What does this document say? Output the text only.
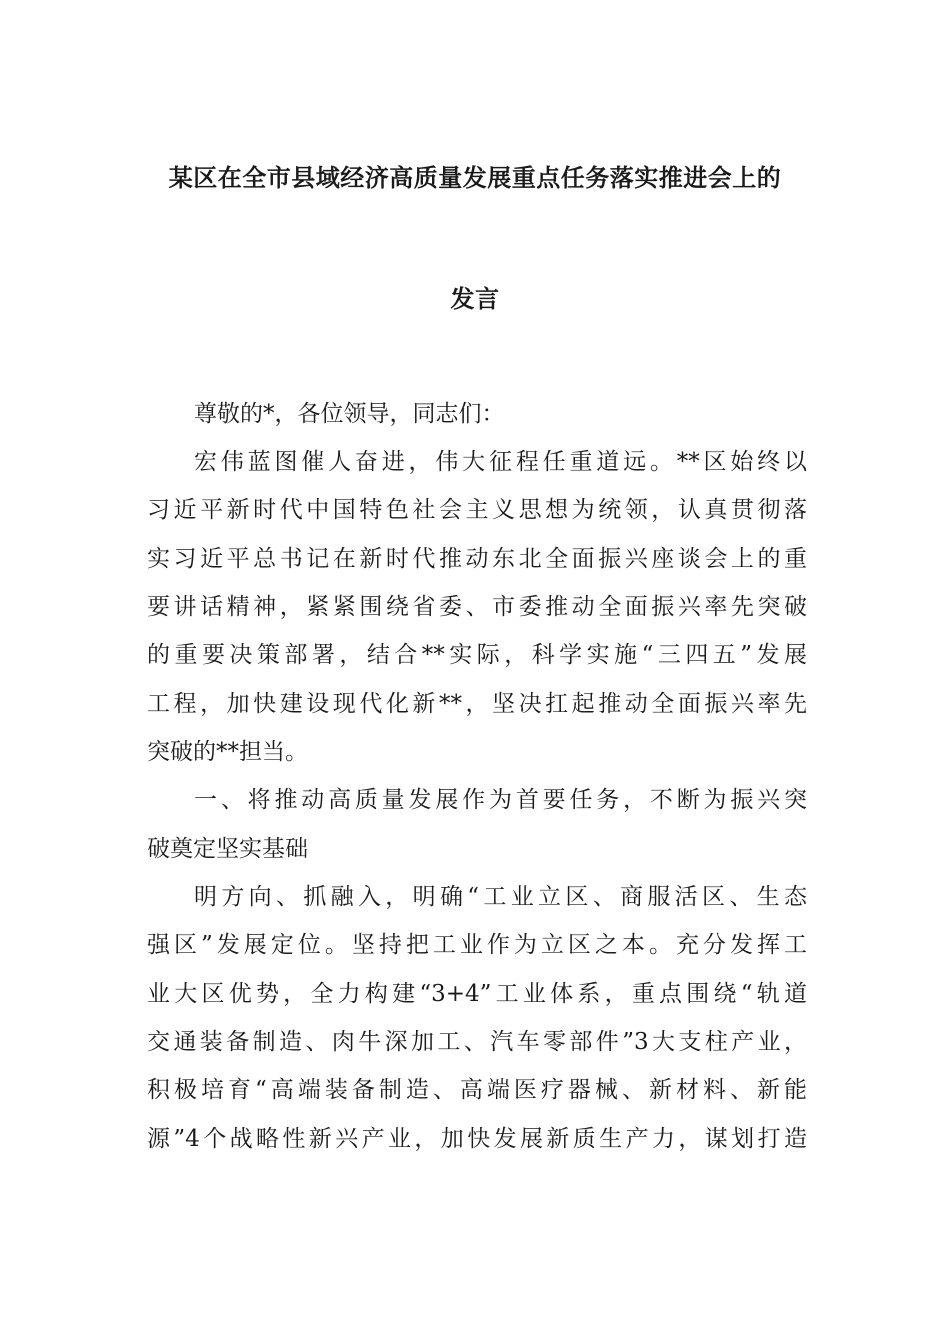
某区在全市县域经济高质量发展重点任务落实推进会上的
发言

尊敬的*，各位领导，同志们：

宏伟蓝图催人奋进，伟大征程任重道远。**区始终以

习近平新时代中国特色社会主义思想为统领，认真贯彻落

实习近平总书记在新时代推动东北全面振兴座谈会上的重

要讲话精神，紧紧围绕省委、市委推动全面振兴率先突破

的重要决策部署，结合**实际，科学实施“三四五”发展

工程，加快建设现代化新**，坚决扛起推动全面振兴率先

突破的**担当。

一、将推动高质量发展作为首要任务，不断为振兴突

破奠定坚实基础

明方向、抓融入，明确“工业立区、商服活区、生态

强区”发展定位。坚持把工业作为立区之本。充分发挥工

业大区优势，全力构建“3+4”工业体系，重点围绕“轨道

交通装备制造、肉牛深加工、汽车零部件”3大支柱产业，

积极培育“高端装备制造、高端医疗器械、新材料、新能

源”4个战略性新兴产业，加快发展新质生产力，谋划打造
